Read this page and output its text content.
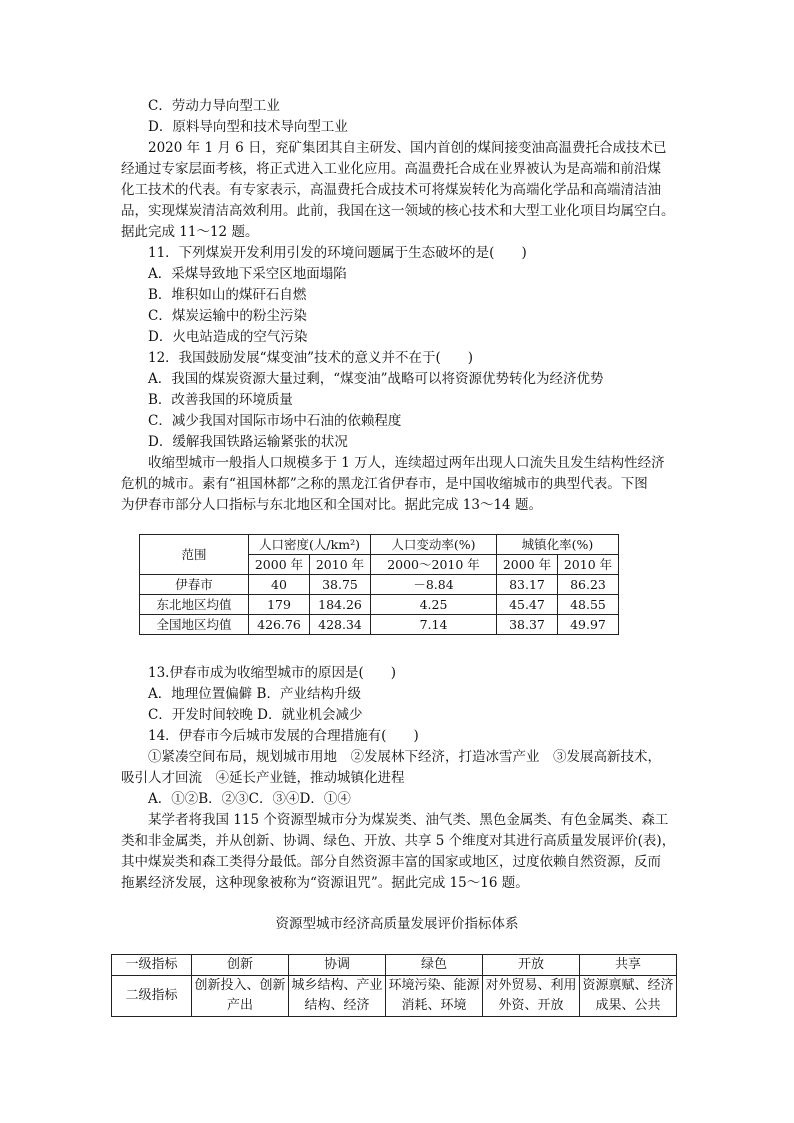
C．劳动力导向型工业
D．原料导向型和技术导向型工业
2020 年 1 月 6 日，兖矿集团其自主研发、国内首创的煤间接变油高温费托合成技术已
经通过专家层面考核，将正式进入工业化应用。高温费托合成在业界被认为是高端和前沿煤
化工技术的代表。有专家表示，高温费托合成技术可将煤炭转化为高端化学品和高端清洁油
品，实现煤炭清洁高效利用。此前，我国在这一领域的核心技术和大型工业化项目均属空白。
据此完成 11～12 题。
11．下列煤炭开发利用引发的环境问题属于生态破坏的是(　　)
A．采煤导致地下采空区地面塌陷
B．堆积如山的煤矸石自燃
C．煤炭运输中的粉尘污染
D．火电站造成的空气污染
12．我国鼓励发展“煤变油”技术的意义并不在于(　　)
A．我国的煤炭资源大量过剩，“煤变油”战略可以将资源优势转化为经济优势
B．改善我国的环境质量
C．减少我国对国际市场中石油的依赖程度
D．缓解我国铁路运输紧张的状况
收缩型城市一般指人口规模多于 1 万人，连续超过两年出现人口流失且发生结构性经济
危机的城市。素有“祖国林都”之称的黑龙江省伊春市，是中国收缩城市的典型代表。下图
为伊春市部分人口指标与东北地区和全国对比。据此完成 13～14 题。
范围	人口密度(人/km²)		人口变动率(%)	城镇化率(%)	
	2000 年	2010 年	2000～2010 年	2000 年	2010 年
伊春市	40	38.75	－8.84	83.17	86.23
东北地区均值	179	184.26	4.25	45.47	48.55
全国地区均值	426.76	428.34	7.14	38.37	49.97
13.伊春市成为收缩型城市的原因是(　　)
A．地理位置偏僻 B．产业结构升级
C．开发时间较晚 D．就业机会减少
14．伊春市今后城市发展的合理措施有(　　)
①紧凑空间布局，规划城市用地　②发展林下经济，打造冰雪产业　③发展高新技术，
吸引人才回流　④延长产业链，推动城镇化进程
A．①②B．②③C．③④D．①④
某学者将我国 115 个资源型城市分为煤炭类、油气类、黑色金属类、有色金属类、森工
类和非金属类，并从创新、协调、绿色、开放、共享 5 个维度对其进行高质量发展评价(表)，
其中煤炭类和森工类得分最低。部分自然资源丰富的国家或地区，过度依赖自然资源，反而
拖累经济发展，这种现象被称为“资源诅咒”。据此完成 15～16 题。
资源型城市经济高质量发展评价指标体系
一级指标	创新	协调	绿色	开放	共享
二级指标	创新投入、创新产出	城乡结构、产业结构、经济	环境污染、能源消耗、环境	对外贸易、利用外资、开放	资源禀赋、经济成果、公共
